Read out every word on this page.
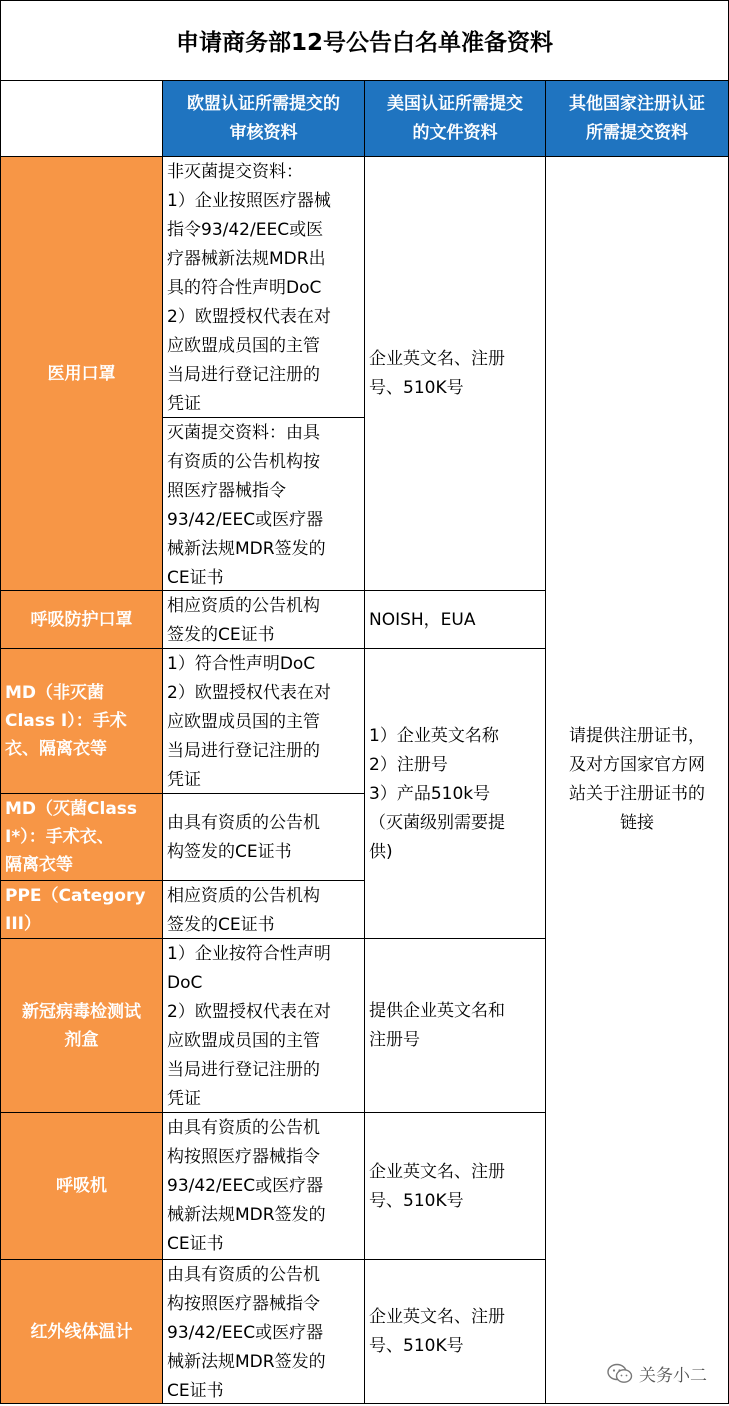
申请商务部12号公告白名单准备资料
欧盟认证所需提交的
审核资料
美国认证所需提交
的文件资料
其他国家注册认证
所需提交资料
医用口罩
呼吸防护口罩
MD（非灭菌
Class I）：手术
衣、隔离衣等
MD（灭菌Class
I*）：手术衣、
隔离衣等
PPE（Category
III）
新冠病毒检测试
剂盒
呼吸机
红外线体温计
非灭菌提交资料：
1）企业按照医疗器械
指令93/42/EEC或医
疗器械新法规MDR出
具的符合性声明DoC
2）欧盟授权代表在对
应欧盟成员国的主管
当局进行登记注册的
凭证
灭菌提交资料：由具
有资质的公告机构按
照医疗器械指令
93/42/EEC或医疗器
械新法规MDR签发的
CE证书
相应资质的公告机构
签发的CE证书
1）符合性声明DoC
2）欧盟授权代表在对
应欧盟成员国的主管
当局进行登记注册的
凭证
由具有资质的公告机
构签发的CE证书
相应资质的公告机构
签发的CE证书
1）企业按符合性声明
DoC
2）欧盟授权代表在对
应欧盟成员国的主管
当局进行登记注册的
凭证
由具有资质的公告机
构按照医疗器械指令
93/42/EEC或医疗器
械新法规MDR签发的
CE证书
由具有资质的公告机
构按照医疗器械指令
93/42/EEC或医疗器
械新法规MDR签发的
CE证书
企业英文名、注册
号、510K号
NOISH，EUA
1）企业英文名称
2）注册号
3）产品510k号
（灭菌级别需要提
供)
提供企业英文名和
注册号
企业英文名、注册
号、510K号
企业英文名、注册
号、510K号
请提供注册证书，
及对方国家官方网
站关于注册证书的
链接
关务小二
